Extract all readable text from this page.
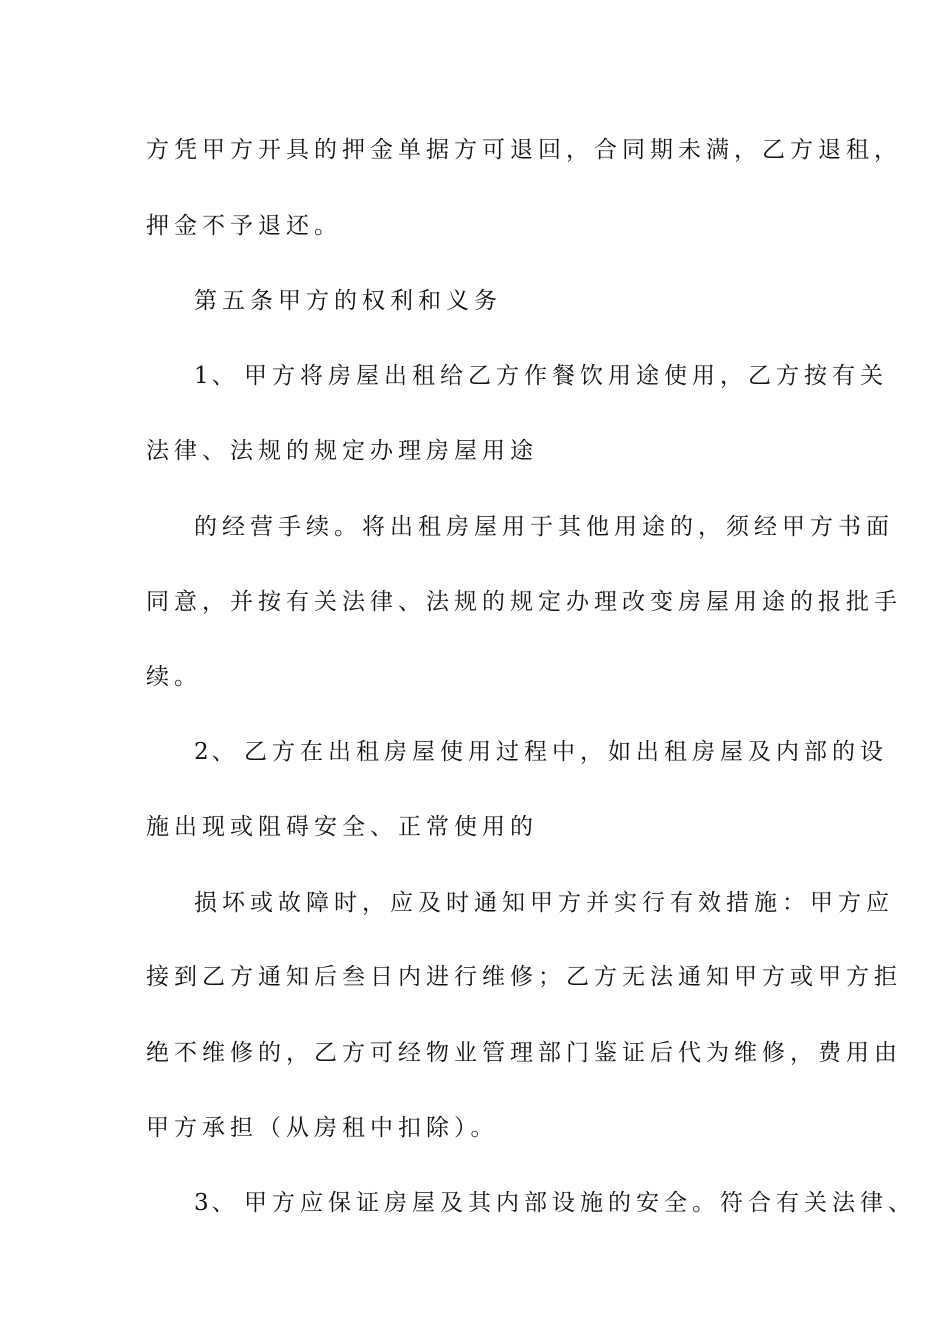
方凭甲方开具的押金单据方可退回，合同期未满，乙方退租，
押金不予退还。
第五条甲方的权利和义务
1、 甲方将房屋出租给乙方作餐饮用途使用，乙方按有关
法律、法规的规定办理房屋用途
的经营手续。将出租房屋用于其他用途的，须经甲方书面
同意，并按有关法律、法规的规定办理改变房屋用途的报批手
续。
2、 乙方在出租房屋使用过程中，如出租房屋及内部的设
施出现或阻碍安全、正常使用的
损坏或故障时，应及时通知甲方并实行有效措施：甲方应
接到乙方通知后叁日内进行维修；乙方无法通知甲方或甲方拒
绝不维修的，乙方可经物业管理部门鉴证后代为维修，费用由
甲方承担（从房租中扣除）。
3、 甲方应保证房屋及其内部设施的安全。符合有关法律、
